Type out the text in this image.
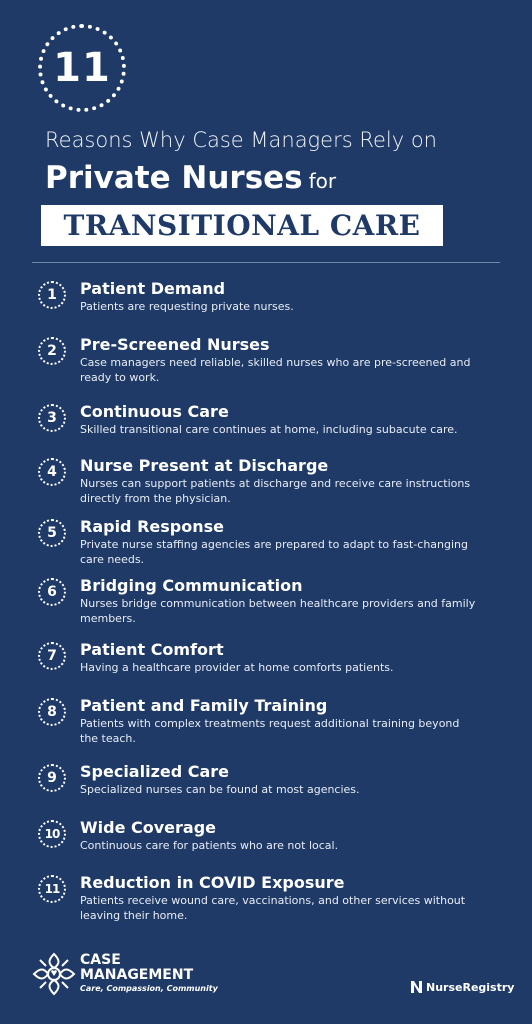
11
Reasons Why Case Managers Rely on
Private Nurses for
TRANSITIONAL CARE
1	Patient Demand
Patients are requesting private nurses.
2	Pre-Screened Nurses
Case managers need reliable, skilled nurses who are pre-screened and ready to work.
3	Continuous Care
Skilled transitional care continues at home, including subacute care.
4	Nurse Present at Discharge
Nurses can support patients at discharge and receive care instructions directly from the physician.
5	Rapid Response
Private nurse staffing agencies are prepared to adapt to fast-changing care needs.
6	Bridging Communication
Nurses bridge communication between healthcare providers and family members.
7	Patient Comfort
Having a healthcare provider at home comforts patients.
8	Patient and Family Training
Patients with complex treatments request additional training beyond the teach.
9	Specialized Care
Specialized nurses can be found at most agencies.
10	Wide Coverage
Continuous care for patients who are not local.
11	Reduction in COVID Exposure
Patients receive wound care, vaccinations, and other services without leaving their home.
CASE
MANAGEMENT
Care, Compassion, Community	NurseRegistry
